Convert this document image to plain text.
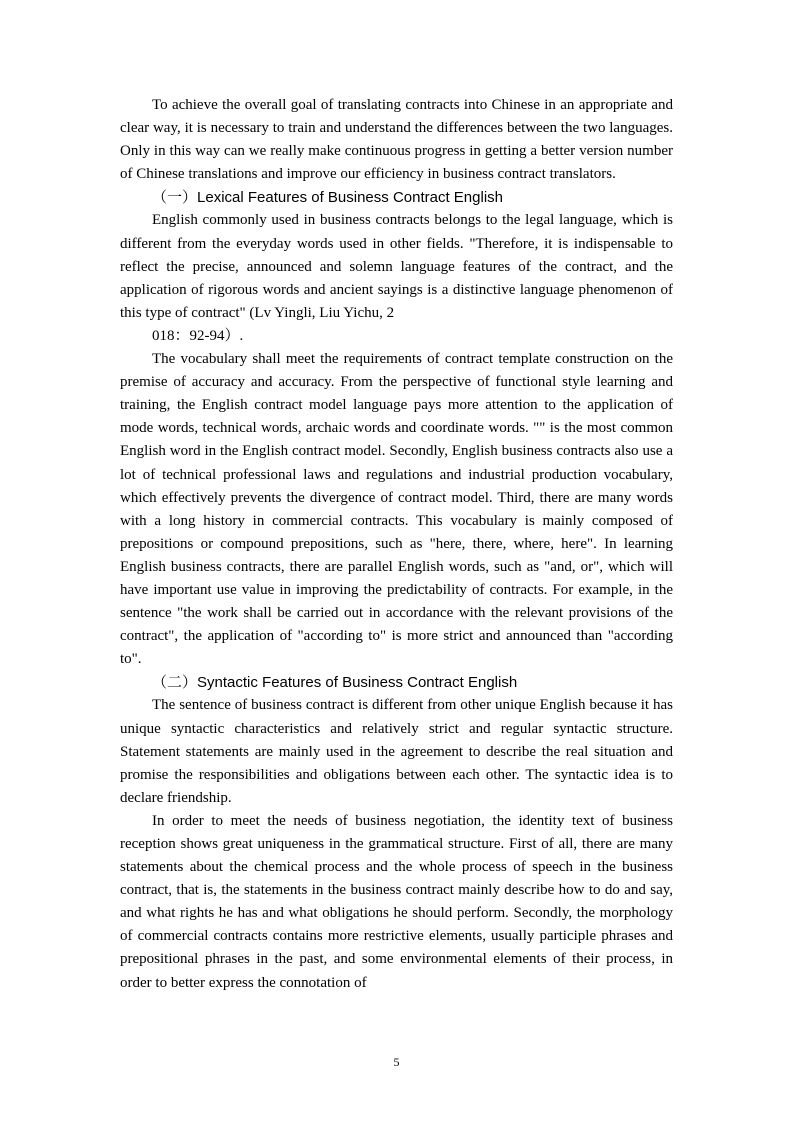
To achieve the overall goal of translating contracts into Chinese in an appropriate and clear way, it is necessary to train and understand the differences between the two languages. Only in this way can we really make continuous progress in getting a better version number of Chinese translations and improve our efficiency in business contract translators.

（一）Lexical Features of Business Contract English

English commonly used in business contracts belongs to the legal language, which is different from the everyday words used in other fields. "Therefore, it is indispensable to reflect the precise, announced and solemn language features of the contract, and the application of rigorous words and ancient sayings is a distinctive language phenomenon of this type of contract" (Lv Yingli, Liu Yichu, 2

018：92-94）.

The vocabulary shall meet the requirements of contract template construction on the premise of accuracy and accuracy. From the perspective of functional style learning and training, the English contract model language pays more attention to the application of mode words, technical words, archaic words and coordinate words. "" is the most common English word in the English contract model. Secondly, English business contracts also use a lot of technical professional laws and regulations and industrial production vocabulary, which effectively prevents the divergence of contract model. Third, there are many words with a long history in commercial contracts. This vocabulary is mainly composed of prepositions or compound prepositions, such as "here, there, where, here". In learning English business contracts, there are parallel English words, such as "and, or", which will have important use value in improving the predictability of contracts. For example, in the sentence "the work shall be carried out in accordance with the relevant provisions of the contract", the application of "according to" is more strict and announced than "according to".

（二）Syntactic Features of Business Contract English

The sentence of business contract is different from other unique English because it has unique syntactic characteristics and relatively strict and regular syntactic structure. Statement statements are mainly used in the agreement to describe the real situation and promise the responsibilities and obligations between each other. The syntactic idea is to declare friendship.

In order to meet the needs of business negotiation, the identity text of business reception shows great uniqueness in the grammatical structure. First of all, there are many statements about the chemical process and the whole process of speech in the business contract, that is, the statements in the business contract mainly describe how to do and say, and what rights he has and what obligations he should perform. Secondly, the morphology of commercial contracts contains more restrictive elements, usually participle phrases and prepositional phrases in the past, and some environmental elements of their process, in order to better express the connotation of

5
